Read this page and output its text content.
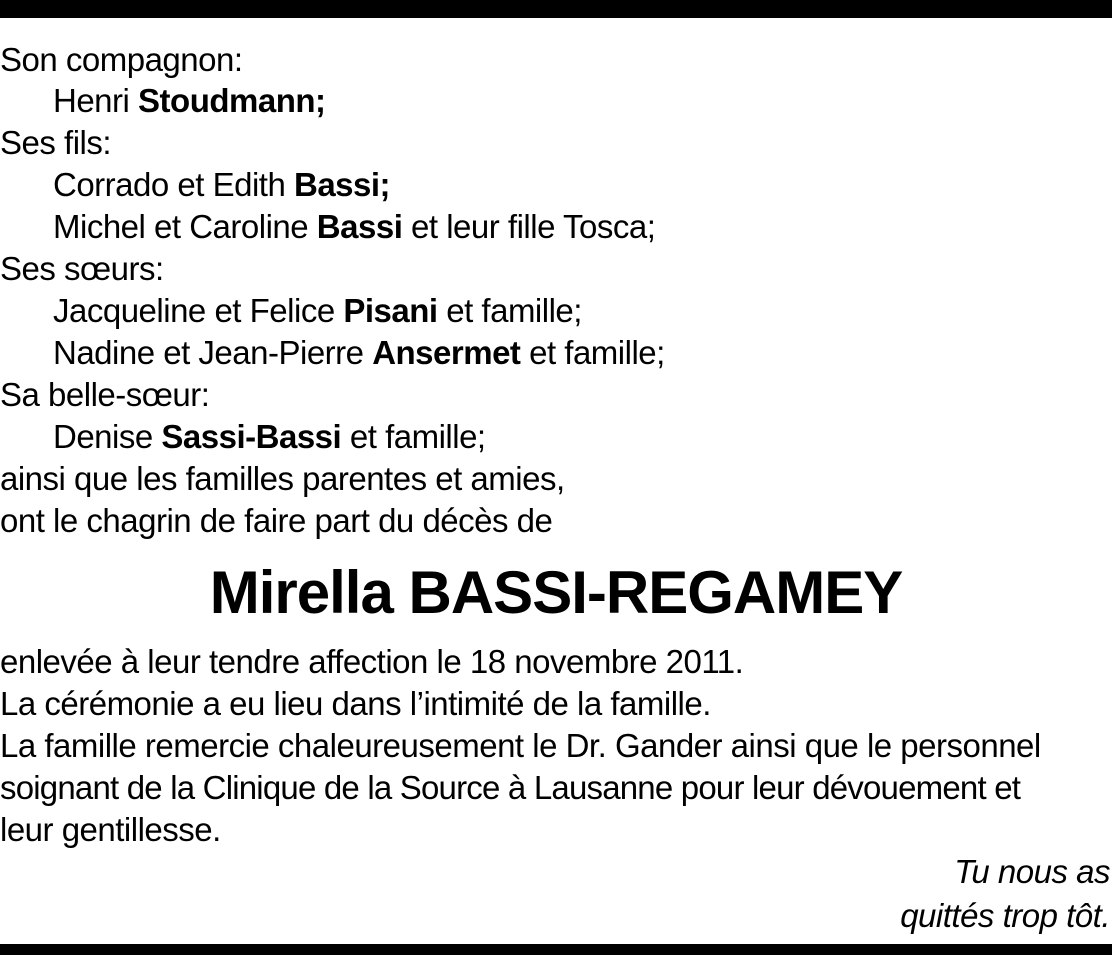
Son compagnon:
Henri Stoudmann;
Ses fils:
Corrado et Edith Bassi;
Michel et Caroline Bassi et leur fille Tosca;
Ses sœurs:
Jacqueline et Felice Pisani et famille;
Nadine et Jean-Pierre Ansermet et famille;
Sa belle-sœur:
Denise Sassi-Bassi et famille;
ainsi que les familles parentes et amies,
ont le chagrin de faire part du décès de
Mirella BASSI-REGAMEY
enlevée à leur tendre affection le 18 novembre 2011.
La cérémonie a eu lieu dans l’intimité de la famille.
La famille remercie chaleureusement le Dr. Gander ainsi que le personnel
soignant de la Clinique de la Source à Lausanne pour leur dévouement et
leur gentillesse.
Tu nous as
quittés trop tôt.
